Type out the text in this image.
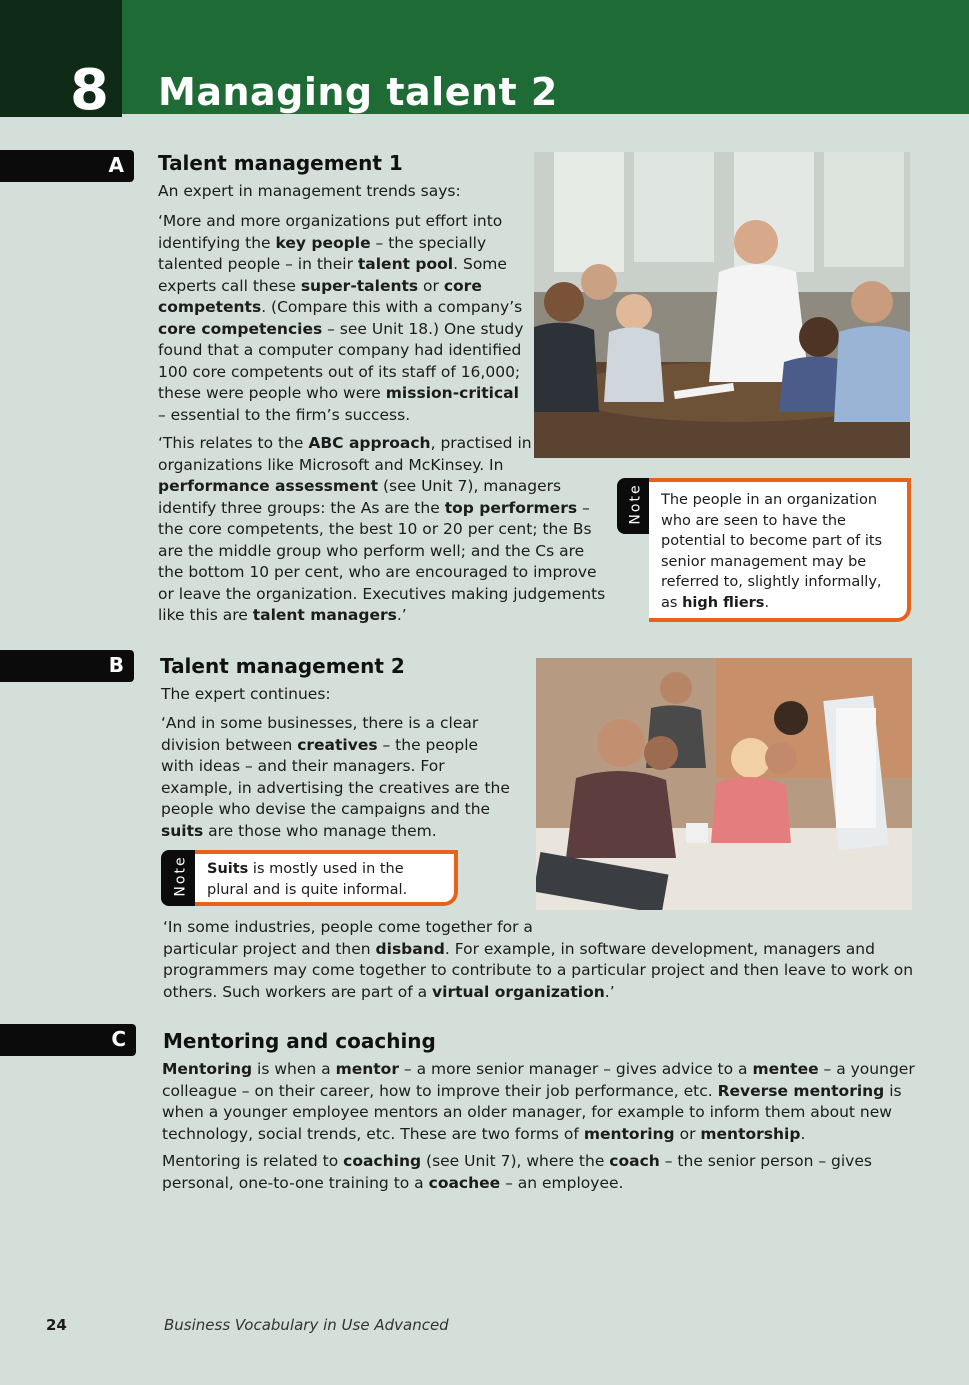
8 Managing talent 2
A Talent management 1
An expert in management trends says:

‘More and more organizations put effort into identifying the key people – the specially talented people – in their talent pool. Some experts call these super-talents or core competents. (Compare this with a company’s core competencies – see Unit 18.) One study found that a computer company had identified 100 core competents out of its staff of 16,000; these were people who were mission-critical – essential to the firm’s success.

‘This relates to the ABC approach, practised in organizations like Microsoft and McKinsey. In performance assessment (see Unit 7), managers identify three groups: the As are the top performers – the core competents, the best 10 or 20 per cent; the Bs are the middle group who perform well; and the Cs are the bottom 10 per cent, who are encouraged to improve or leave the organization. Executives making judgements like this are talent managers.’

Note	The people in an organization who are seen to have the potential to become part of its senior management may be referred to, slightly informally, as high fliers.
B Talent management 2
The expert continues:

‘And in some businesses, there is a clear division between creatives – the people with ideas – and their managers. For example, in advertising the creatives are the people who devise the campaigns and the suits are those who manage them.

Note	Suits is mostly used in the plural and is quite informal.

‘In some industries, people come together for a
particular project and then disband. For example, in software development, managers and programmers may come together to contribute to a particular project and then leave to work on others. Such workers are part of a virtual organization.’

C Mentoring and coaching

Mentoring is when a mentor – a more senior manager – gives advice to a mentee – a younger colleague – on their career, how to improve their job performance, etc. Reverse mentoring is when a younger employee mentors an older manager, for example to inform them about new technology, social trends, etc. These are two forms of mentoring or mentorship.

Mentoring is related to coaching (see Unit 7), where the coach – the senior person – gives personal, one-to-one training to a coachee – an employee.

24	Business Vocabulary in Use Advanced
